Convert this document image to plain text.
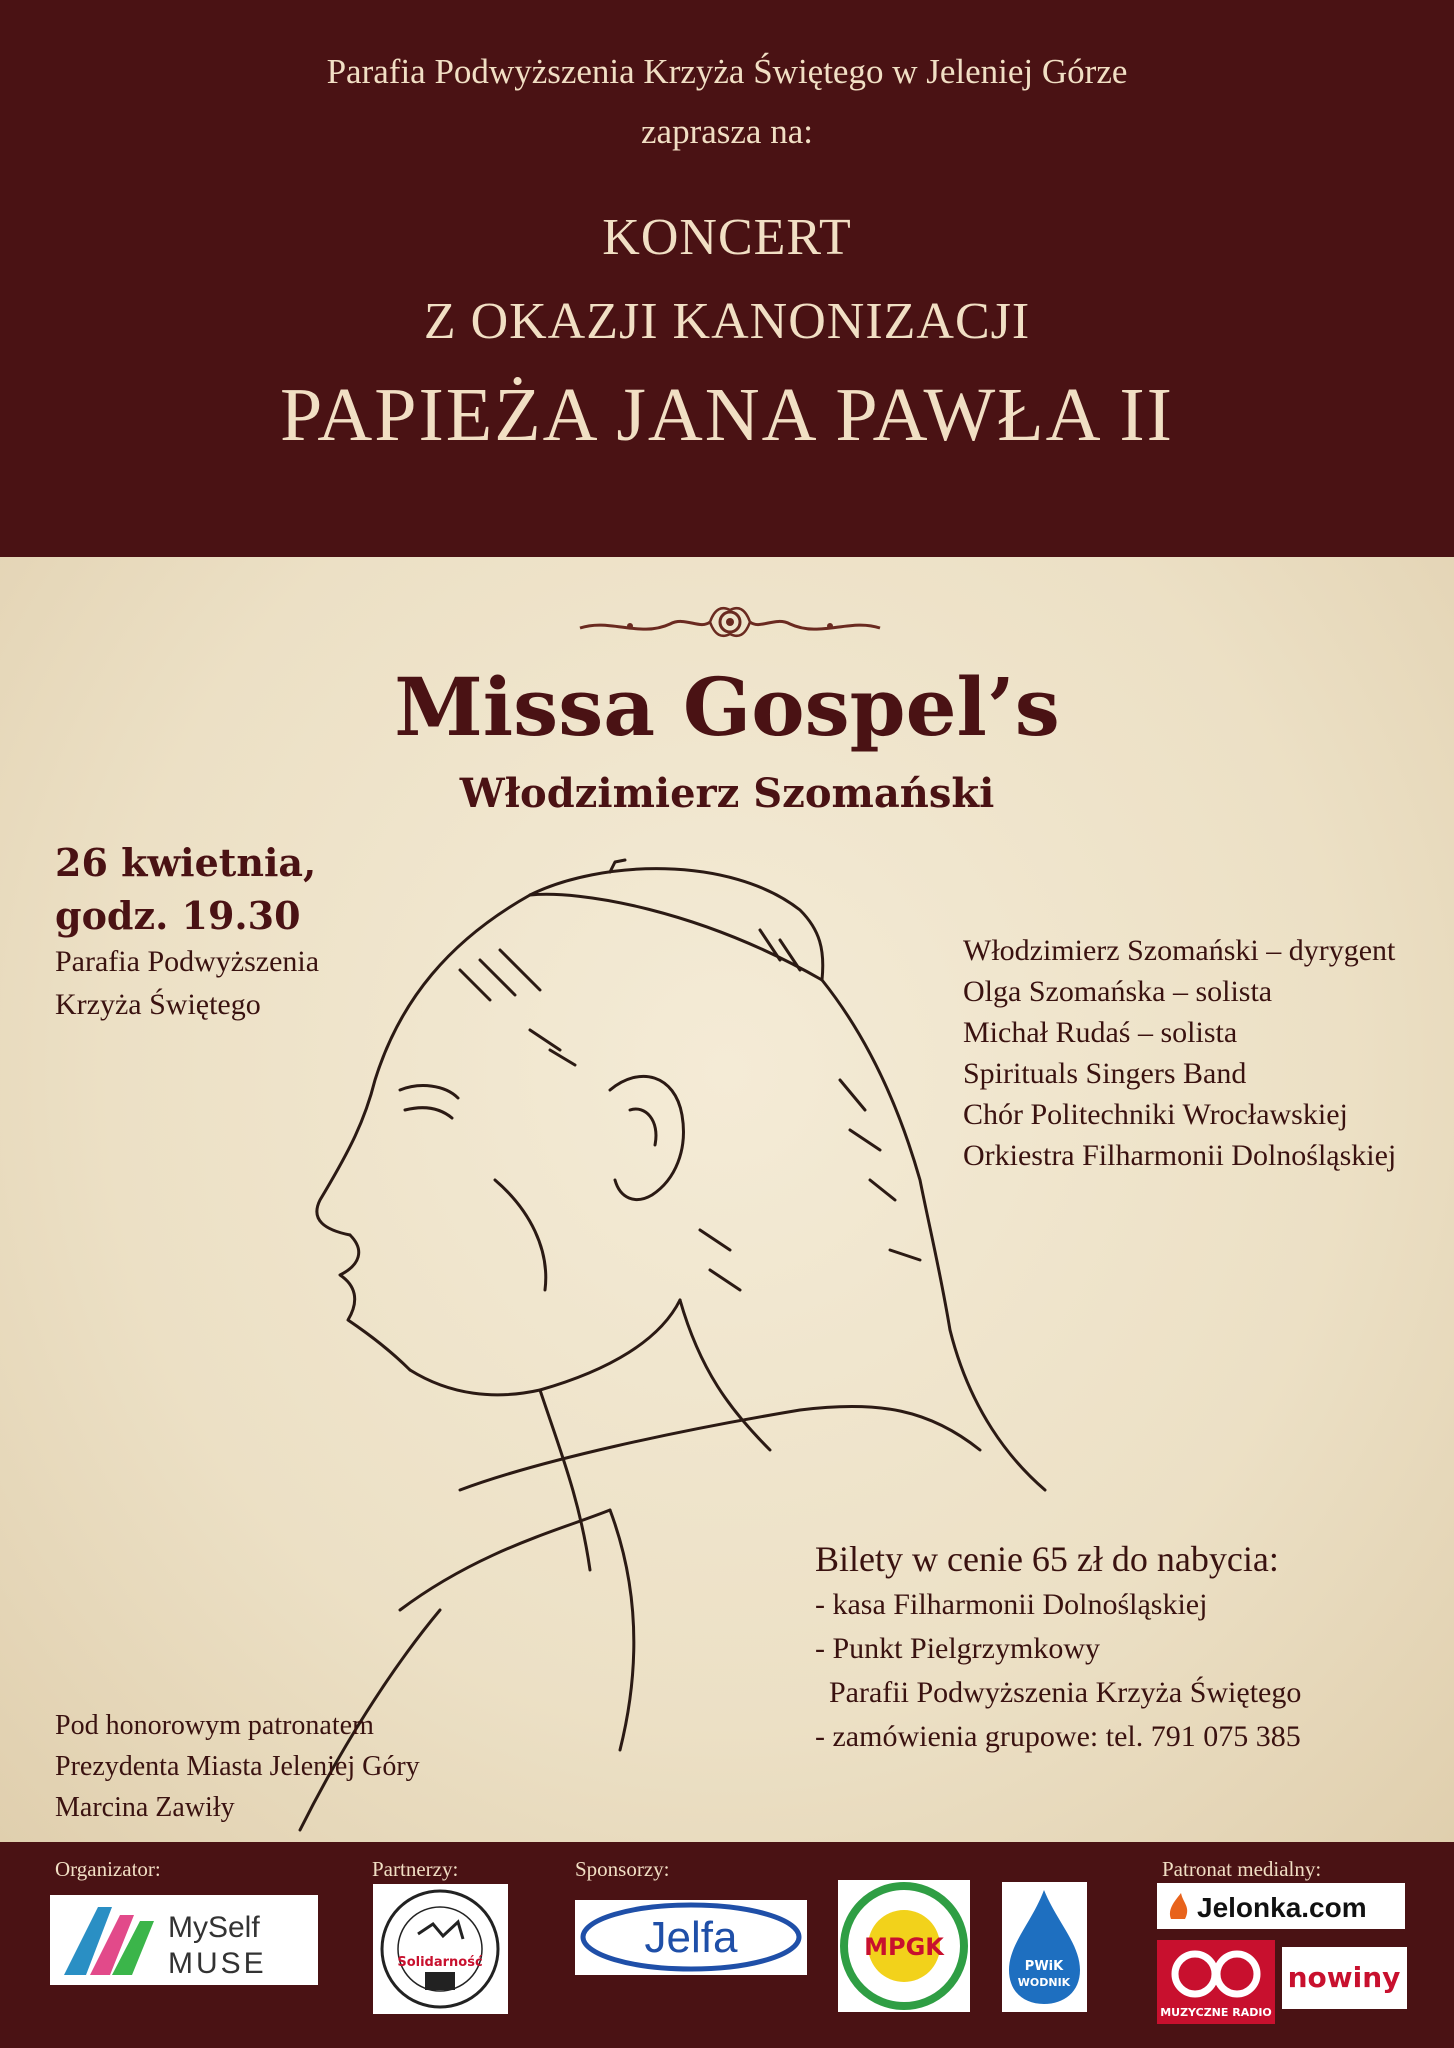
Parafia Podwyższenia Krzyża Świętego w Jeleniej Górze
zaprasza na:
KONCERT
Z OKAZJI KANONIZACJI
PAPIEŻA JANA PAWŁA II
Missa Gospel’s
Włodzimierz Szomański
26 kwietnia,
godz. 19.30
Parafia Podwyższenia
Krzyża Świętego
Włodzimierz Szomański – dyrygent
Olga Szomańska – solista
Michał Rudaś – solista
Spirituals Singers Band
Chór Politechniki Wrocławskiej
Orkiestra Filharmonii Dolnośląskiej
Bilety w cenie 65 zł do nabycia:
- kasa Filharmonii Dolnośląskiej
- Punkt Pielgrzymkowy
Parafii Podwyższenia Krzyża Świętego
- zamówienia grupowe: tel. 791 075 385
Pod honorowym patronatem
Prezydenta Miasta Jeleniej Góry
Marcina Zawiły
Organizator:	Partnerzy:	Sponsorzy:	Patronat medialny:
MySelf
MUSE	Solidarność
Jelfa	MPGK
PWiK
WODNIK
Jelonka.com
MUZYCZNE RADIO
nowiny
